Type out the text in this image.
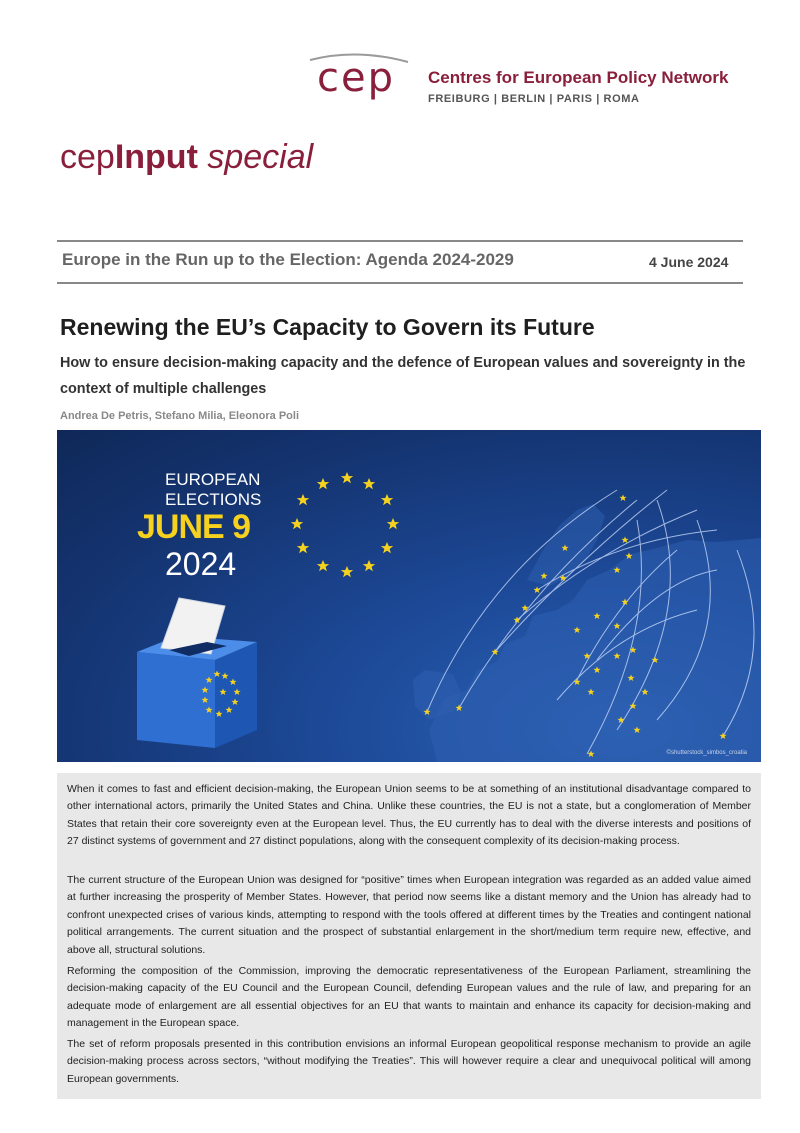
cep	Centres for European Policy Network
FREIBURG | BERLIN | PARIS | ROMA
cepInput special
Europe in the Run up to the Election: Agenda 2024-2029	4 June 2024
Renewing the EU’s Capacity to Govern its Future
How to ensure decision-making capacity and the defence of European values and sovereignty in the context of multiple challenges
Andrea De Petris, Stefano Milia, Eleonora Poli
EUROPEAN
ELECTIONS
JUNE 9
2024
©shutterstock_simbos_croatia
When it comes to fast and efficient decision-making, the European Union seems to be at something of an institutional disadvantage compared to other international actors, primarily the United States and China. Unlike these countries, the EU is not a state, but a conglomeration of Member States that retain their core sovereignty even at the European level. Thus, the EU currently has to deal with the diverse interests and positions of 27 distinct systems of government and 27 distinct populations, along with the consequent complexity of its decision-making process.
The current structure of the European Union was designed for “positive” times when European integration was regarded as an added value aimed at further increasing the prosperity of Member States. However, that period now seems like a distant memory and the Union has already had to confront unexpected crises of various kinds, attempting to respond with the tools offered at different times by the Treaties and contingent national political arrangements. The current situation and the prospect of substantial enlargement in the short/medium term require new, effective, and above all, structural solutions.
Reforming the composition of the Commission, improving the democratic representativeness of the European Parliament, streamlining the decision-making capacity of the EU Council and the European Council, defending European values and the rule of law, and preparing for an adequate mode of enlargement are all essential objectives for an EU that wants to maintain and enhance its capacity for decision-making and management in the European space.
The set of reform proposals presented in this contribution envisions an informal European geopolitical response mechanism to provide an agile decision-making process across sectors, “without modifying the Treaties”. This will however require a clear and unequivocal political will among European governments.
